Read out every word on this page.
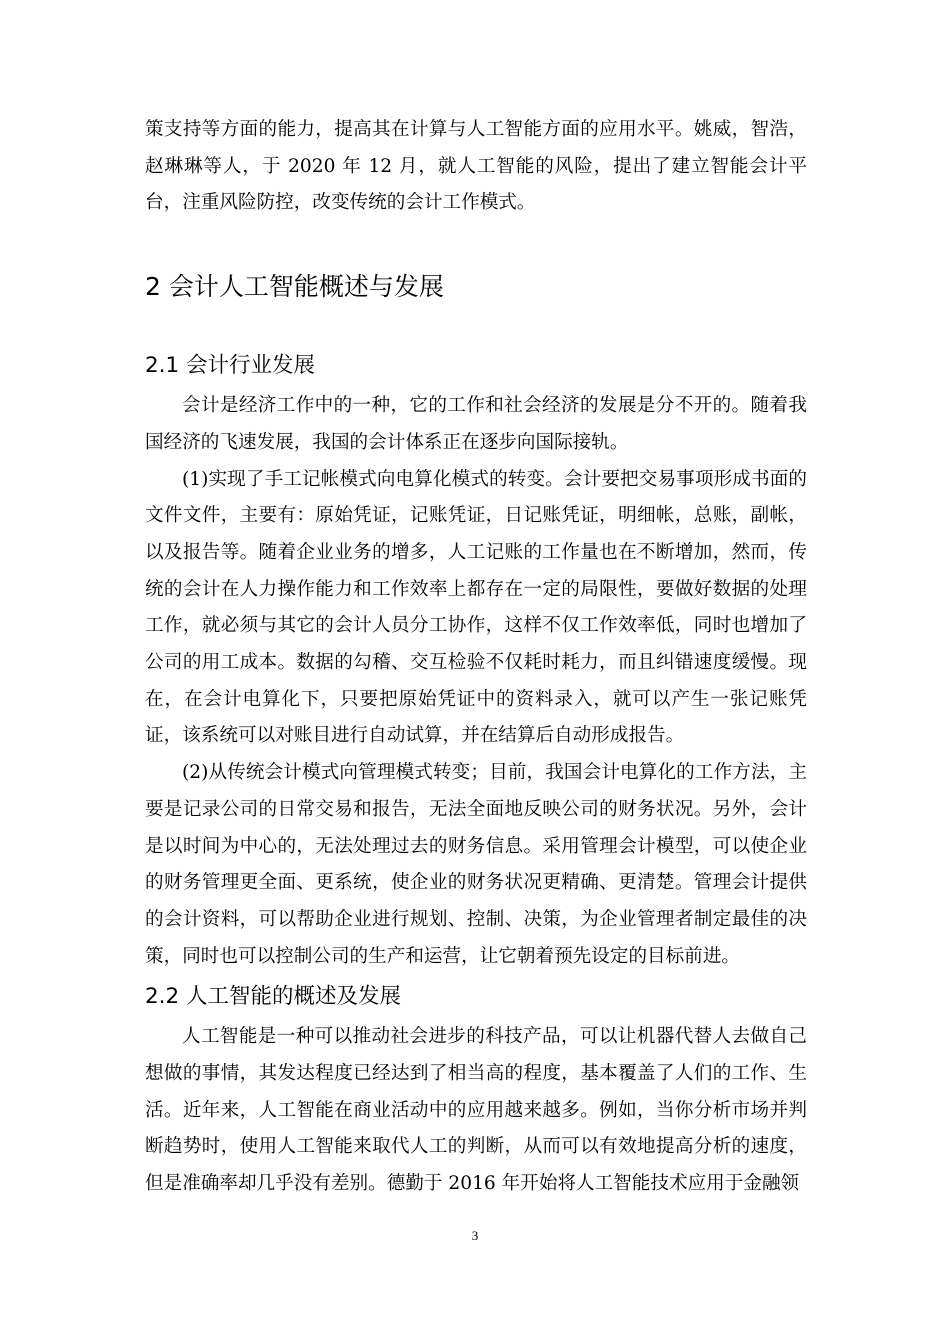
策支持等方面的能力，提高其在计算与人工智能方面的应用水平。姚威，智浩，赵琳琳等人，于 2020 年 12 月，就人工智能的风险，提出了建立智能会计平台，注重风险防控，改变传统的会计工作模式。

2 会计人工智能概述与发展
2.1 会计行业发展

会计是经济工作中的一种，它的工作和社会经济的发展是分不开的。随着我国经济的飞速发展，我国的会计体系正在逐步向国际接轨。

(1)实现了手工记帐模式向电算化模式的转变。会计要把交易事项形成书面的文件文件，主要有：原始凭证，记账凭证，日记账凭证，明细帐，总账，副帐，以及报告等。随着企业业务的增多，人工记账的工作量也在不断增加，然而，传统的会计在人力操作能力和工作效率上都存在一定的局限性，要做好数据的处理工作，就必须与其它的会计人员分工协作，这样不仅工作效率低，同时也增加了公司的用工成本。数据的勾稽、交互检验不仅耗时耗力，而且纠错速度缓慢。现在，在会计电算化下，只要把原始凭证中的资料录入，就可以产生一张记账凭证，该系统可以对账目进行自动试算，并在结算后自动形成报告。

(2)从传统会计模式向管理模式转变；目前，我国会计电算化的工作方法，主要是记录公司的日常交易和报告，无法全面地反映公司的财务状况。另外，会计是以时间为中心的，无法处理过去的财务信息。采用管理会计模型，可以使企业的财务管理更全面、更系统，使企业的财务状况更精确、更清楚。管理会计提供的会计资料，可以帮助企业进行规划、控制、决策，为企业管理者制定最佳的决策，同时也可以控制公司的生产和运营，让它朝着预先设定的目标前进。

2.2 人工智能的概述及发展

人工智能是一种可以推动社会进步的科技产品，可以让机器代替人去做自己想做的事情，其发达程度已经达到了相当高的程度，基本覆盖了人们的工作、生活。近年来，人工智能在商业活动中的应用越来越多。例如，当你分析市场并判断趋势时，使用人工智能来取代人工的判断，从而可以有效地提高分析的速度，但是准确率却几乎没有差别。德勤于 2016 年开始将人工智能技术应用于金融领

3
